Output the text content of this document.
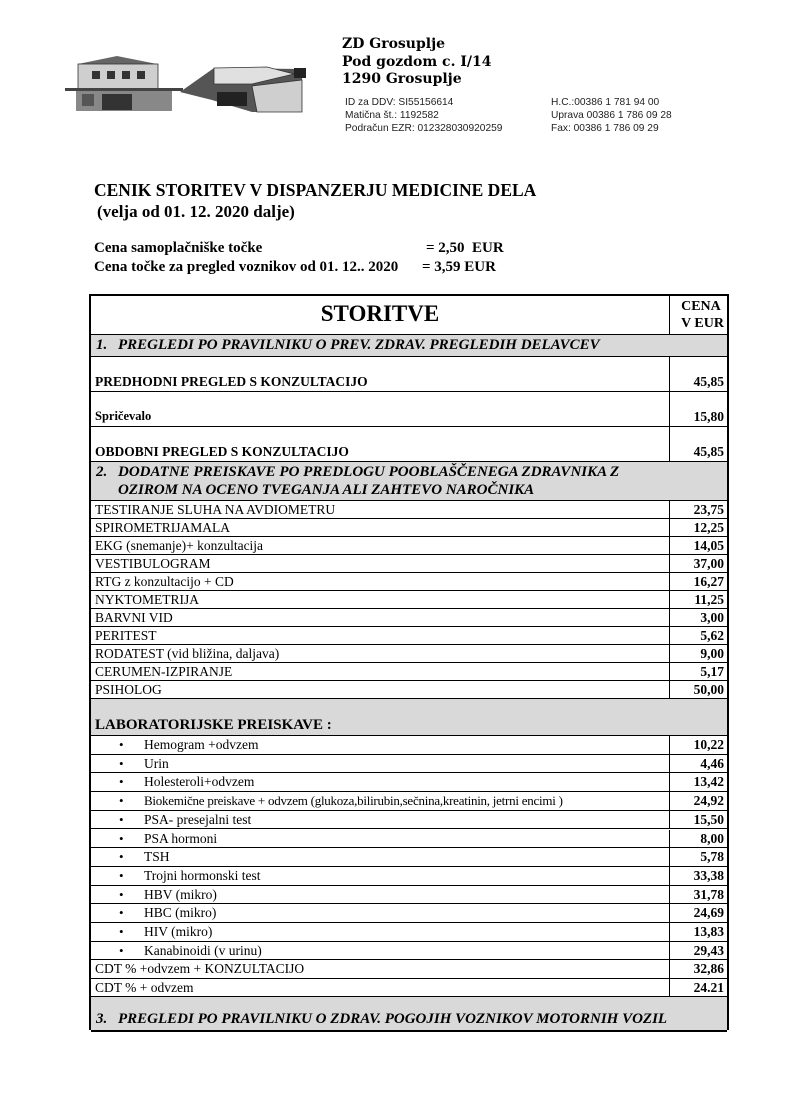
ZD Grosuplje
Pod gozdom c. I/14
1290 Grosuplje
ID za DDV: SI55156614
Matična št.: 1192582
Podračun EZR: 012328030920259
H.C.:00386 1 781 94 00
Uprava 00386 1 786 09 28
Fax: 00386 1 786 09 29
CENIK STORITEV V DISPANZERJU MEDICINE DELA
(velja od 01. 12. 2020 dalje)
Cena samoplačniške točke	= 2,50  EUR
Cena točke za pregled voznikov od 01. 12.. 2020 = 3,59 EUR
STORITVE	CENA
V EUR
1. PREGLEDI PO PRAVILNIKU O PREV. ZDRAV. PREGLEDIH DELAVCEV
PREDHODNI PREGLED S KONZULTACIJO	45,85
Spričevalo	15,80
OBDOBNI PREGLED S KONZULTACIJO	45,85
2. DODATNE PREISKAVE PO PREDLOGU POOBLAŠČENEGA ZDRAVNIKA Z
OZIROM NA OCENO TVEGANJA ALI ZAHTEVO NAROČNIKA
TESTIRANJE SLUHA NA AVDIOMETRU	23,75
SPIROMETRIJAMALA	12,25
EKG (snemanje)+ konzultacija	14,05
VESTIBULOGRAM	37,00
RTG z konzultacijo + CD	16,27
NYKTOMETRIJA	11,25
BARVNI VID	3,00
PERITEST	5,62
RODATEST (vid bližina, daljava)	9,00
CERUMEN-IZPIRANJE	5,17
PSIHOLOG	50,00
LABORATORIJSKE PREISKAVE :
• Hemogram +odvzem	10,22
• Urin	4,46
• Holesteroli+odvzem	13,42
• Biokemične preiskave + odvzem (glukoza,bilirubin,sečnina,kreatinin, jetrni encimi )	24,92
• PSA- presejalni test	15,50
• PSA hormoni	8,00
• TSH	5,78
• Trojni hormonski test	33,38
• HBV (mikro)	31,78
• HBC (mikro)	24,69
• HIV (mikro)	13,83
• Kanabinoidi (v urinu)	29,43
CDT % +odvzem + KONZULTACIJO	32,86
CDT % + odvzem	24.21
3. PREGLEDI PO PRAVILNIKU O ZDRAV. POGOJIH VOZNIKOV MOTORNIH VOZIL
